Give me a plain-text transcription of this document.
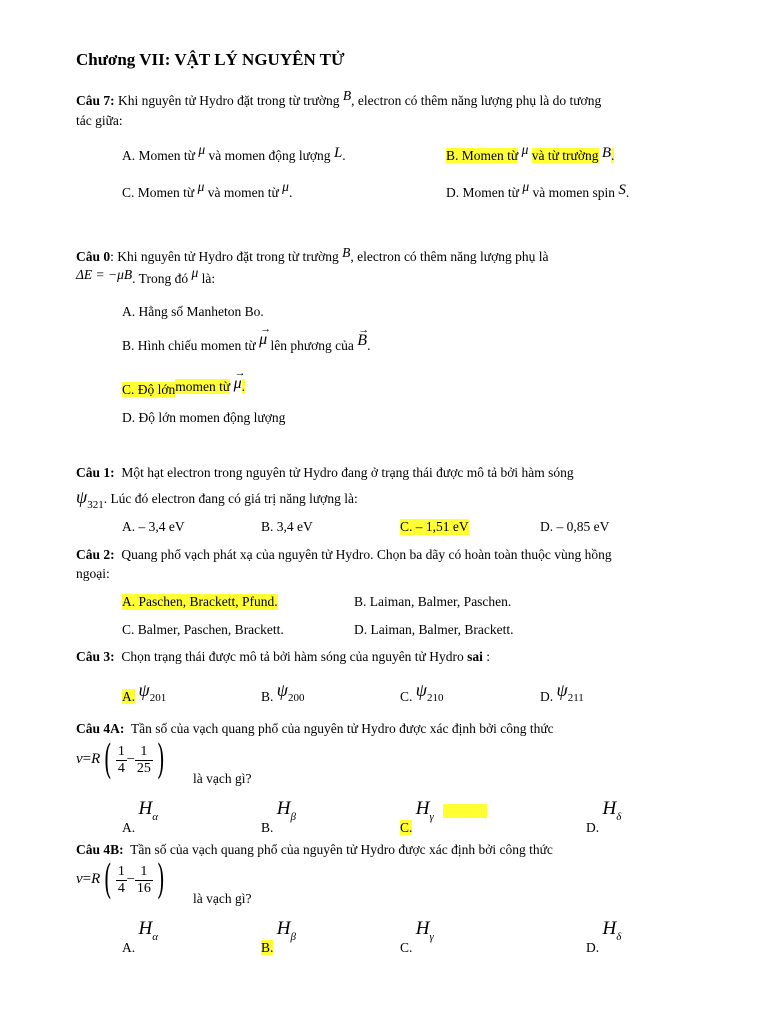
Chương VII: VẬT LÝ NGUYÊN TỬ
Câu 7: Khi nguyên tử Hydro đặt trong từ trường B, electron có thêm năng lượng phụ là do tương
tác giữa:
A. Momen từ μ và momen động lượng L.	B. Momen từ μ và từ trường B.
C. Momen từ μ và momen từ μ.	D. Momen từ μ và momen spin S.
Câu 0: Khi nguyên tử Hydro đặt trong từ trường B, electron có thêm năng lượng phụ là
ΔE = −μB. Trong đó μ là:
A. Hằng số Manheton Bo.
B. Hình chiếu momen từ
→
μ lên phương của
→
B.
C. Độ lớnmomen từ
→
μ.
D. Độ lớn momen động lượng
Câu 1: Một hạt electron trong nguyên tử Hydro đang ở trạng thái được mô tả bởi hàm sóng
$\psi_{321}$. Lúc đó electron đang có giá trị năng lượng là:
A. – 3,4 eV	B. 3,4 eV	C. – 1,51 eV	D. – 0,85 eV
Câu 2: Quang phổ vạch phát xạ của nguyên tử Hydro. Chọn ba dãy có hoàn toàn thuộc vùng hồng
ngoại:
A. Paschen, Brackett, Pfund.	B. Laiman, Balmer, Paschen.
C. Balmer, Paschen, Brackett.	D. Laiman, Balmer, Brackett.
Câu 3: Chọn trạng thái được mô tả bởi hàm sóng của nguyên tử Hydro sai :
A. $\psi_{201}$	B. $\psi_{200}$	C. $\psi_{210}$	D. $\psi_{211}$
Câu 4A: Tần số của vạch quang phổ của nguyên tử Hydro được xác định bởi công thức
$v=R( \frac{1}{4} - \frac{1}{25}$ ) là vạch gì?
A. $H_\alpha$
B. $H_\beta$
C. $H_\gamma$
D. $H_\delta$
Câu 4B: Tần số của vạch quang phổ của nguyên tử Hydro được xác định bởi công thức
$v=R( \frac{1}{4} - \frac{1}{16}$ ) là vạch gì?
A. $H_\alpha$
B. $H_\beta$
C. $H_\gamma$
D. $H_\delta$
